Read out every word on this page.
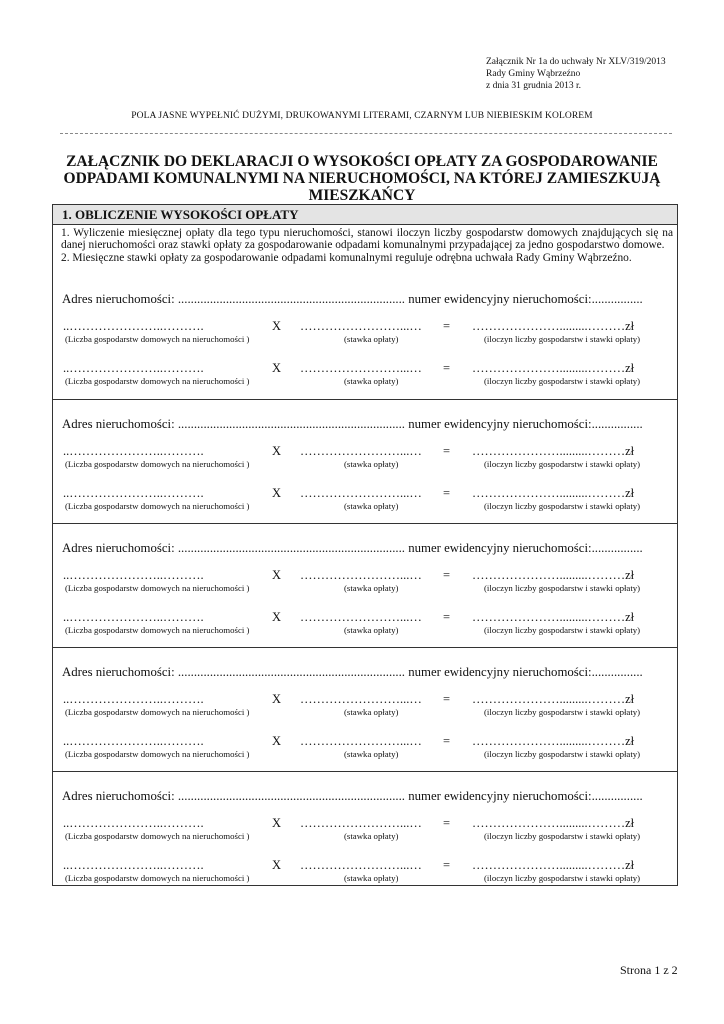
Załącznik Nr 1a do uchwały Nr XLV/319/2013
Rady Gminy Wąbrzeźno
z dnia 31 grudnia 2013 r.
POLA JASNE WYPEŁNIĆ DUŻYMI, DRUKOWANYMI LITERAMI, CZARNYM LUB NIEBIESKIM KOLOREM
ZAŁĄCZNIK DO DEKLARACJI O WYSOKOŚCI OPŁATY ZA GOSPODAROWANIE
ODPADAMI KOMUNALNYMI NA NIERUCHOMOŚCI, NA KTÓREJ ZAMIESZKUJĄ
MIESZKAŃCY
1. OBLICZENIE WYSOKOŚCI OPŁATY

1. Wyliczenie miesięcznej opłaty dla tego typu nieruchomości, stanowi iloczyn liczby gospodarstw domowych znajdujących się na danej nieruchomości oraz stawki opłaty za gospodarowanie odpadami komunalnymi przypadającej za jedno gospodarstwo domowe.

2. Miesięczne stawki opłaty za gospodarowanie odpadami komunalnymi reguluje odrębna uchwała Rady Gminy Wąbrzeźno.

Adres nieruchomości: ....................................................................... numer ewidencyjny nieruchomości:................
..…………………..……….	X ……………………...… = ………………….........………zł
(Liczba gospodarstw domowych na nieruchomości )	(stawka opłaty)	(iloczyn liczby gospodarstw i stawki opłaty)
..…………………..……….	X ……………………...… = ………………….........………zł
(Liczba gospodarstw domowych na nieruchomości )	(stawka opłaty)	(iloczyn liczby gospodarstw i stawki opłaty)
Adres nieruchomości: ....................................................................... numer ewidencyjny nieruchomości:................
..…………………..……….	X ……………………...… = ………………….........………zł
(Liczba gospodarstw domowych na nieruchomości )	(stawka opłaty)	(iloczyn liczby gospodarstw i stawki opłaty)
..…………………..……….	X ……………………...… = ………………….........………zł
(Liczba gospodarstw domowych na nieruchomości )	(stawka opłaty)	(iloczyn liczby gospodarstw i stawki opłaty)
Adres nieruchomości: ....................................................................... numer ewidencyjny nieruchomości:................
..…………………..……….	X ……………………...… = ………………….........………zł
(Liczba gospodarstw domowych na nieruchomości )	(stawka opłaty)	(iloczyn liczby gospodarstw i stawki opłaty)
..…………………..……….	X ……………………...… = ………………….........………zł
(Liczba gospodarstw domowych na nieruchomości )	(stawka opłaty)	(iloczyn liczby gospodarstw i stawki opłaty)
Adres nieruchomości: ....................................................................... numer ewidencyjny nieruchomości:................
..…………………..……….	X ……………………...… = ………………….........………zł
(Liczba gospodarstw domowych na nieruchomości )	(stawka opłaty)	(iloczyn liczby gospodarstw i stawki opłaty)
..…………………..……….	X ……………………...… = ………………….........………zł
(Liczba gospodarstw domowych na nieruchomości )	(stawka opłaty)	(iloczyn liczby gospodarstw i stawki opłaty)
Adres nieruchomości: ....................................................................... numer ewidencyjny nieruchomości:................
..…………………..……….	X ……………………...… = ………………….........………zł
(Liczba gospodarstw domowych na nieruchomości )	(stawka opłaty)	(iloczyn liczby gospodarstw i stawki opłaty)
..…………………..……….	X ……………………...… = ………………….........………zł
(Liczba gospodarstw domowych na nieruchomości )	(stawka opłaty)	(iloczyn liczby gospodarstw i stawki opłaty)
Strona 1 z 2
